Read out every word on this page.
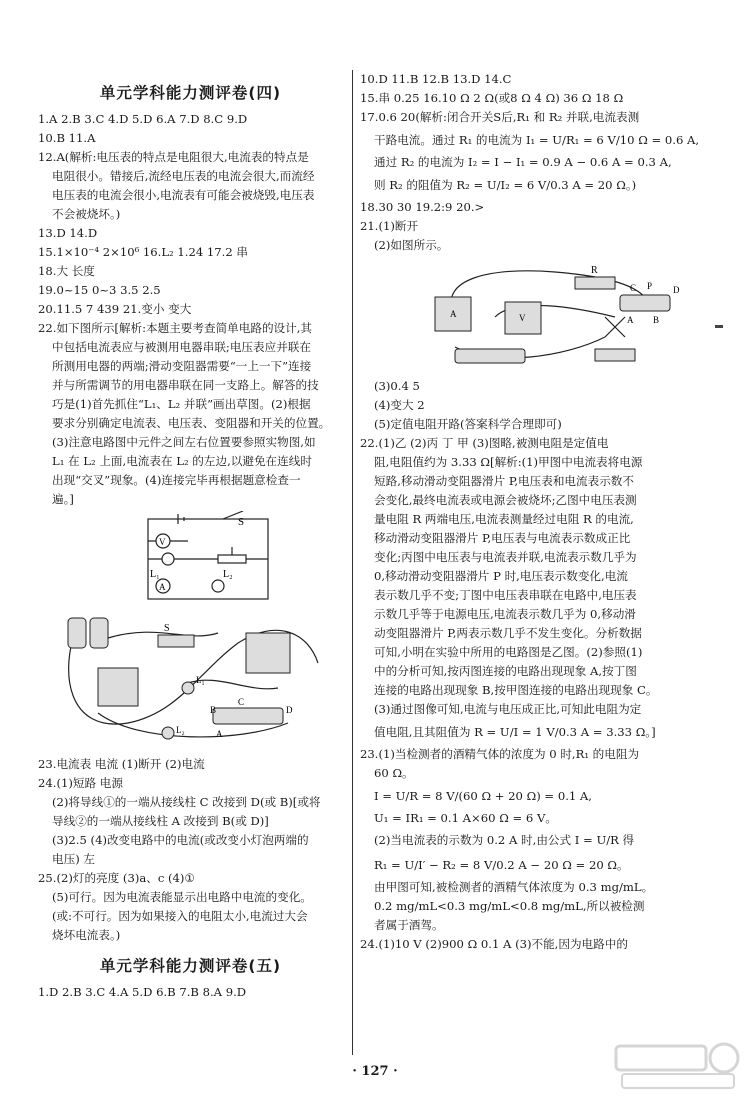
单元学科能力测评卷(四)
1.A 2.B 3.C 4.D 5.D 6.A 7.D 8.C 9.D
10.B 11.A
12.A(解析:电压表的特点是电阻很大,电流表的特点是
电阻很小。错接后,流经电压表的电流会很大,而流经
电压表的电流会很小,电流表有可能会被烧毁,电压表
不会被烧坏。)
13.D 14.D
15.1×10⁻⁴ 2×10⁶ 16.L₂ 1.24 17.2 串
18.大 长度
19.0~15 0~3 3.5 2.5
20.11.5 7 439 21.变小 变大
22.如下图所示[解析:本题主要考查简单电路的设计,其
中包括电流表应与被测用电器串联;电压表应并联在
所测用电器的两端;滑动变阻器需要“一上一下”连接
并与所需调节的用电器串联在同一支路上。解答的技
巧是(1)首先抓住“L₁、L₂ 并联”画出草图。(2)根据
要求分别确定电流表、电压表、变阻器和开关的位置。
(3)注意电路图中元件之间左右位置要参照实物图,如
L₁ 在 L₂ 上面,电流表在 L₂ 的左边,以避免在连线时
出现“交叉”现象。(4)连接完毕再根据题意检查一
遍。]
S
V
L₁
A
L₂
S
L₁
L₂	A
B
C
D
23.电流表 电流 (1)断开 (2)电流
24.(1)短路 电源
(2)将导线①的一端从接线柱 C 改接到 D(或 B)[或将
导线②的一端从接线柱 A 改接到 B(或 D)]
(3)2.5 (4)改变电路中的电流(或改变小灯泡两端的
电压) 左
25.(2)灯的亮度 (3)a、c (4)①
(5)可行。因为电流表能显示出电路中电流的变化。
(或:不可行。因为如果接入的电阻太小,电流过大会
烧坏电流表。)
单元学科能力测评卷(五)
1.D 2.B 3.C 4.A 5.D 6.B 7.B 8.A 9.D
10.D 11.B 12.B 13.D 14.C
15.串 0.25 16.10 Ω 2 Ω(或8 Ω 4 Ω) 36 Ω 18 Ω
17.0.6 20(解析:闭合开关S后,R₁ 和 R₂ 并联,电流表测
干路电流。通过 R₁ 的电流为 I₁ = U/R₁ = 6 V/10 Ω = 0.6 A,
通过 R₂ 的电流为 I₂ = I − I₁ = 0.9 A − 0.6 A = 0.3 A,
则 R₂ 的阻值为 R₂ = U/I₂ = 6 V/0.3 A = 20 Ω。)
18.30 30 19.2:9 20.>
21.(1)断开
(2)如图所示。
R
C P D
A B
V
A
(3)0.4 5
(4)变大 2
(5)定值电阻开路(答案科学合理即可)
22.(1)乙 (2)丙 丁 甲 (3)图略,被测电阻是定值电
阻,电阻值约为 3.33 Ω[解析:(1)甲图中电流表将电源
短路,移动滑动变阻器滑片 P,电压表和电流表示数不
会变化,最终电流表或电源会被烧坏;乙图中电压表测
量电阻 R 两端电压,电流表测量经过电阻 R 的电流,
移动滑动变阻器滑片 P,电压表与电流表示数成正比
变化;丙图中电压表与电流表并联,电流表示数几乎为
0,移动滑动变阻器滑片 P 时,电压表示数变化,电流
表示数几乎不变;丁图中电压表串联在电路中,电压表
示数几乎等于电源电压,电流表示数几乎为 0,移动滑
动变阻器滑片 P,两表示数几乎不发生变化。分析数据
可知,小明在实验中所用的电路图是乙图。(2)参照(1)
中的分析可知,按丙图连接的电路出现现象 A,按丁图
连接的电路出现现象 B,按甲图连接的电路出现现象 C。
(3)通过图像可知,电流与电压成正比,可知此电阻为定
值电阻,且其阻值为 R = U/I = 1 V/0.3 A = 3.33 Ω。]
23.(1)当检测者的酒精气体的浓度为 0 时,R₁ 的电阻为
60 Ω。
I = U/R = 8 V/(60 Ω + 20 Ω) = 0.1 A,
U₁ = IR₁ = 0.1 A×60 Ω = 6 V。
(2)当电流表的示数为 0.2 A 时,由公式 I = U/R 得
R₁ = U/I′ − R₂ = 8 V/0.2 A − 20 Ω = 20 Ω。
由甲图可知,被检测者的酒精气体浓度为 0.3 mg/mL。
0.2 mg/mL<0.3 mg/mL<0.8 mg/mL,所以被检测
者属于酒驾。
24.(1)10 V (2)900 Ω 0.1 A (3)不能,因为电路中的
· 127 ·
